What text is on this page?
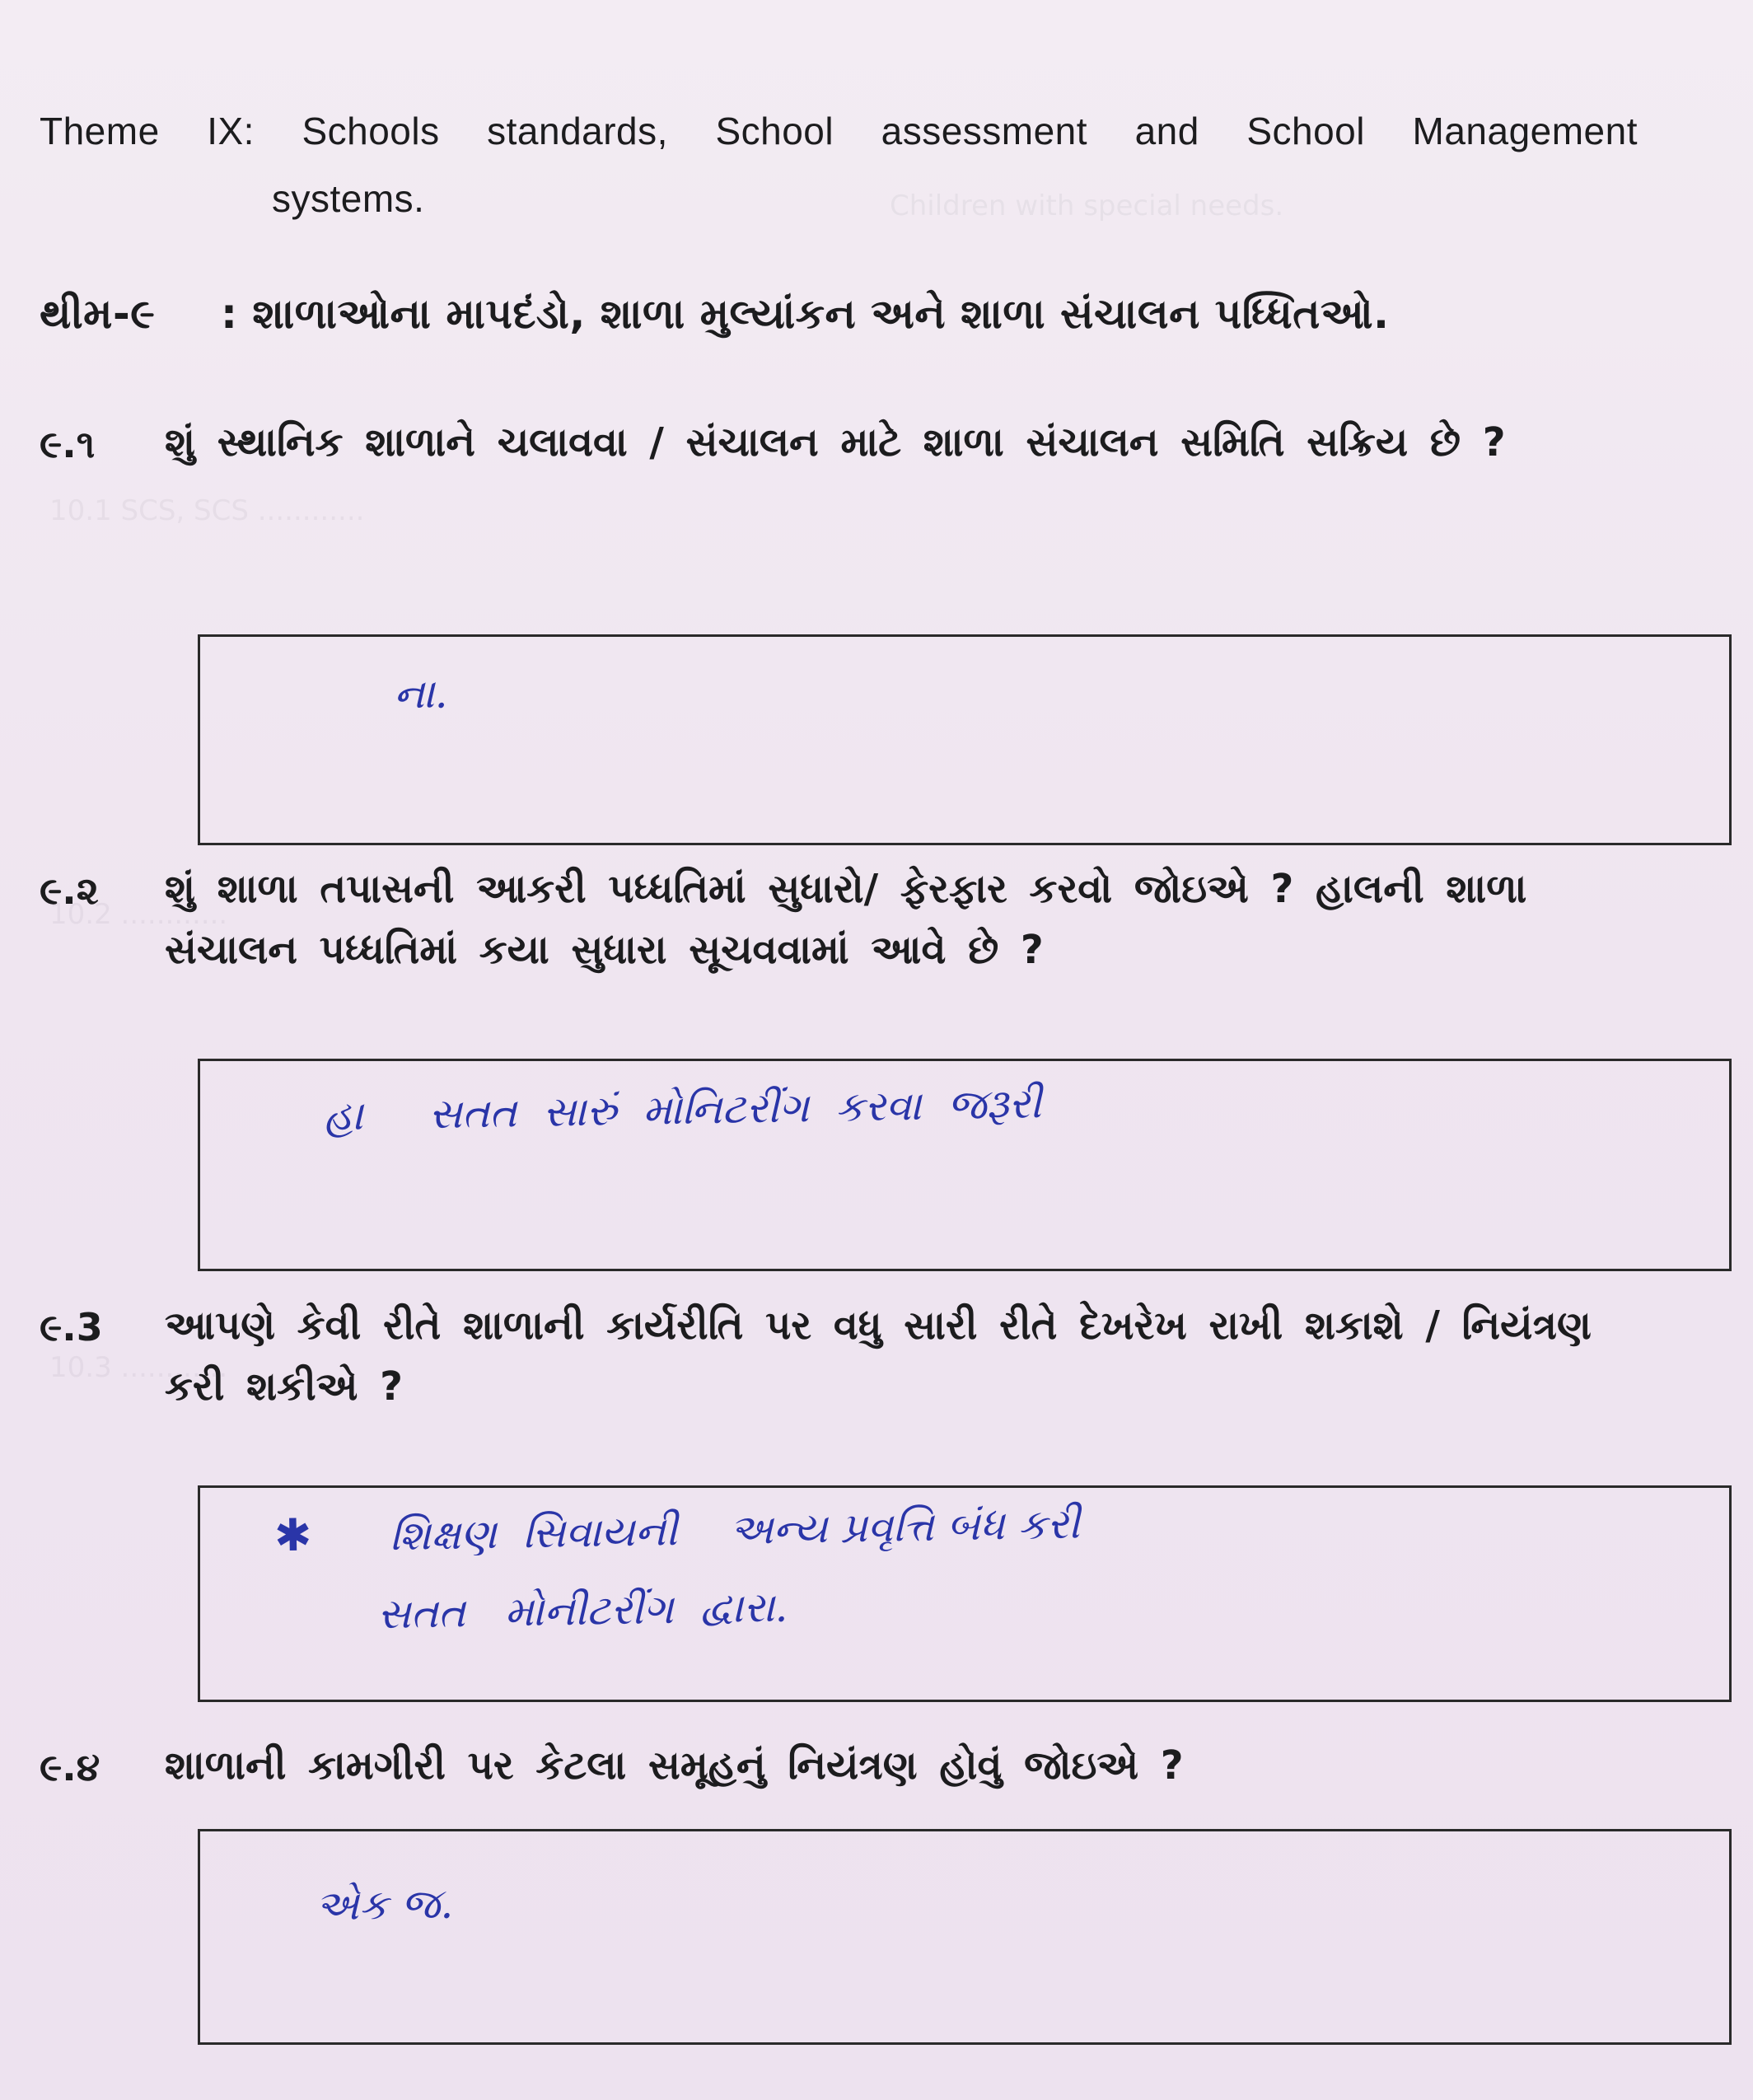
Children with special needs.
10.1 SCS, SCS ............
10.2 ............
10.3 ............
Theme IX: Schools standards, School assessment and School Management
systems.
થીમ-૯ : શાળાઓના માપદંડો, શાળા મુલ્યાંકન અને શાળા સંચાલન પધ્ધિતઓ.
૯.૧ શું સ્થાનિક શાળાને ચલાવવા / સંચાલન માટે શાળા સંચાલન સમિતિ સક્રિય છે ?
ના.
૯.૨ શું શાળા તપાસની આકરી પધ્ધતિમાં સુધારો/ ફેરફાર કરવો જોઇએ ? હાલની શાળા સંચાલન પધ્ધતિમાં કયા સુધારા સૂચવવામાં આવે છે ?
હા     સતત  સારું  મોનિટરીંગ  કરવા  જરૂરી
૯.3 આપણે કેવી રીતે શાળાની કાર્યરીતિ પર વધુ સારી રીતે દેખરેખ રાખી શકાશે / નિયંત્રણ કરી શકીએ ?
✱ શિક્ષણ  સિવાયની    અન્ય પ્રવૃત્તિ બંધ કરી
સતત   મોનીટરીંગ  દ્વારા.
૯.૪ શાળાની કામગીરી પર કેટલા સમૂહનું નિયંત્રણ હોવું જોઇએ ?
એક જ.
